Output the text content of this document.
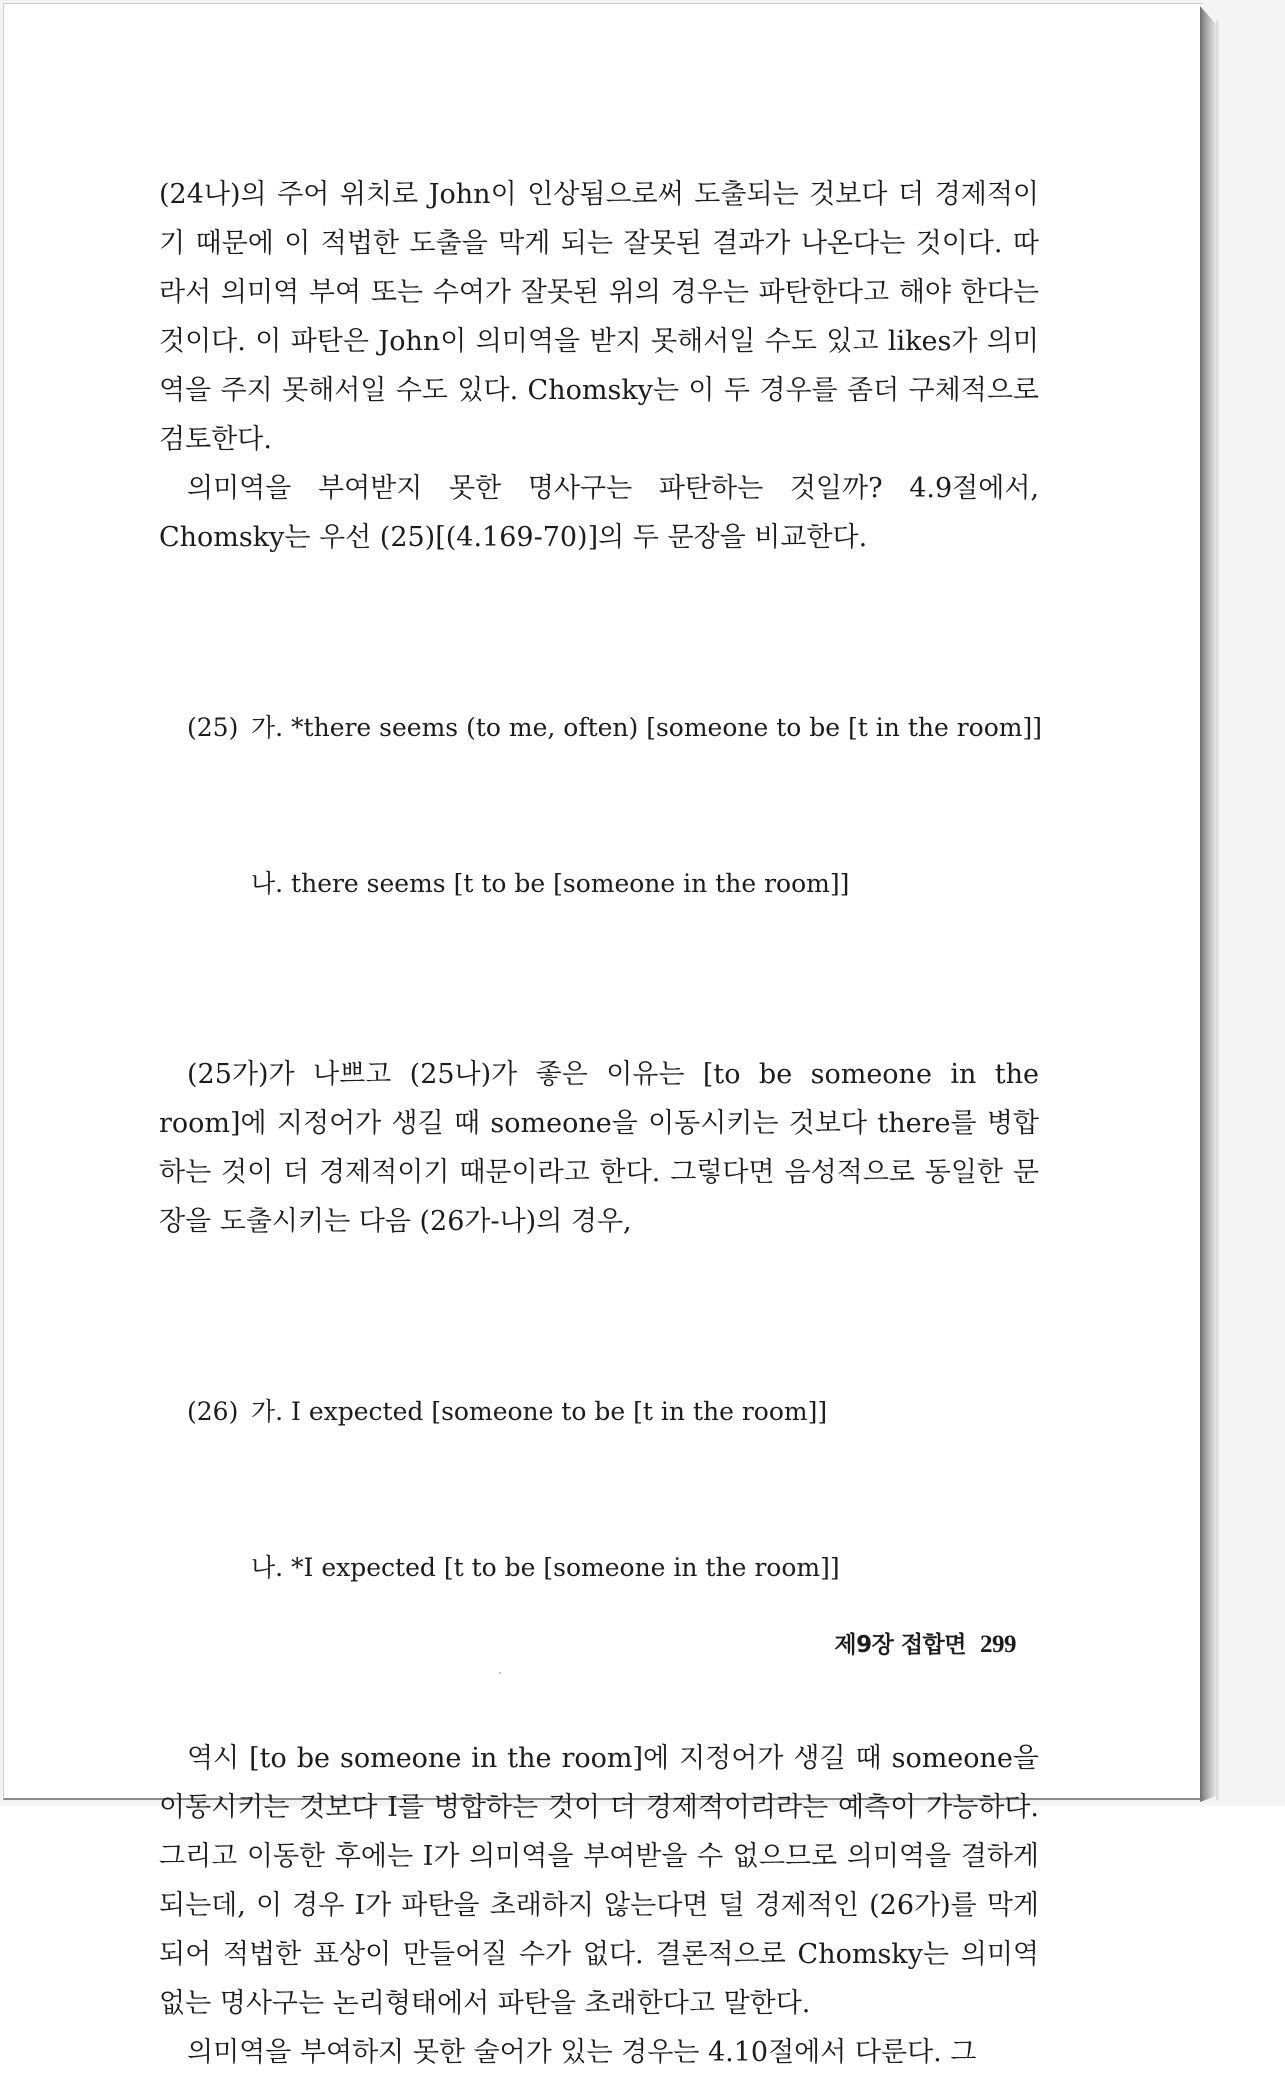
(24나)의 주어 위치로 John이 인상됨으로써 도출되는 것보다 더 경제적이기 때문에 이 적법한 도출을 막게 되는 잘못된 결과가 나온다는 것이다. 따라서 의미역 부여 또는 수여가 잘못된 위의 경우는 파탄한다고 해야 한다는 것이다. 이 파탄은 John이 의미역을 받지 못해서일 수도 있고 likes가 의미역을 주지 못해서일 수도 있다. Chomsky는 이 두 경우를 좀더 구체적으로 검토한다.

의미역을 부여받지 못한 명사구는 파탄하는 것일까? 4.9절에서, Chomsky는 우선 (25)[(4.169-70)]의 두 문장을 비교한다.

(25) 가. *there seems (to me, often) [someone to be [t in the room]]

나. there seems [t to be [someone in the room]]

(25가)가 나쁘고 (25나)가 좋은 이유는 [to be someone in the room]에 지정어가 생길 때 someone을 이동시키는 것보다 there를 병합하는 것이 더 경제적이기 때문이라고 한다. 그렇다면 음성적으로 동일한 문장을 도출시키는 다음 (26가-나)의 경우,

(26) 가. I expected [someone to be [t in the room]]

나. *I expected [t to be [someone in the room]]

역시 [to be someone in the room]에 지정어가 생길 때 someone을 이동시키는 것보다 I를 병합하는 것이 더 경제적이리라는 예측이 가능하다. 그리고 이동한 후에는 I가 의미역을 부여받을 수 없으므로 의미역을 결하게 되는데, 이 경우 I가 파탄을 초래하지 않는다면 덜 경제적인 (26가)를 막게 되어 적법한 표상이 만들어질 수가 없다. 결론적으로 Chomsky는 의미역 없는 명사구는 논리형태에서 파탄을 초래한다고 말한다.

의미역을 부여하지 못한 술어가 있는 경우는 4.10절에서 다룬다. 그

제9장 접합면 299
